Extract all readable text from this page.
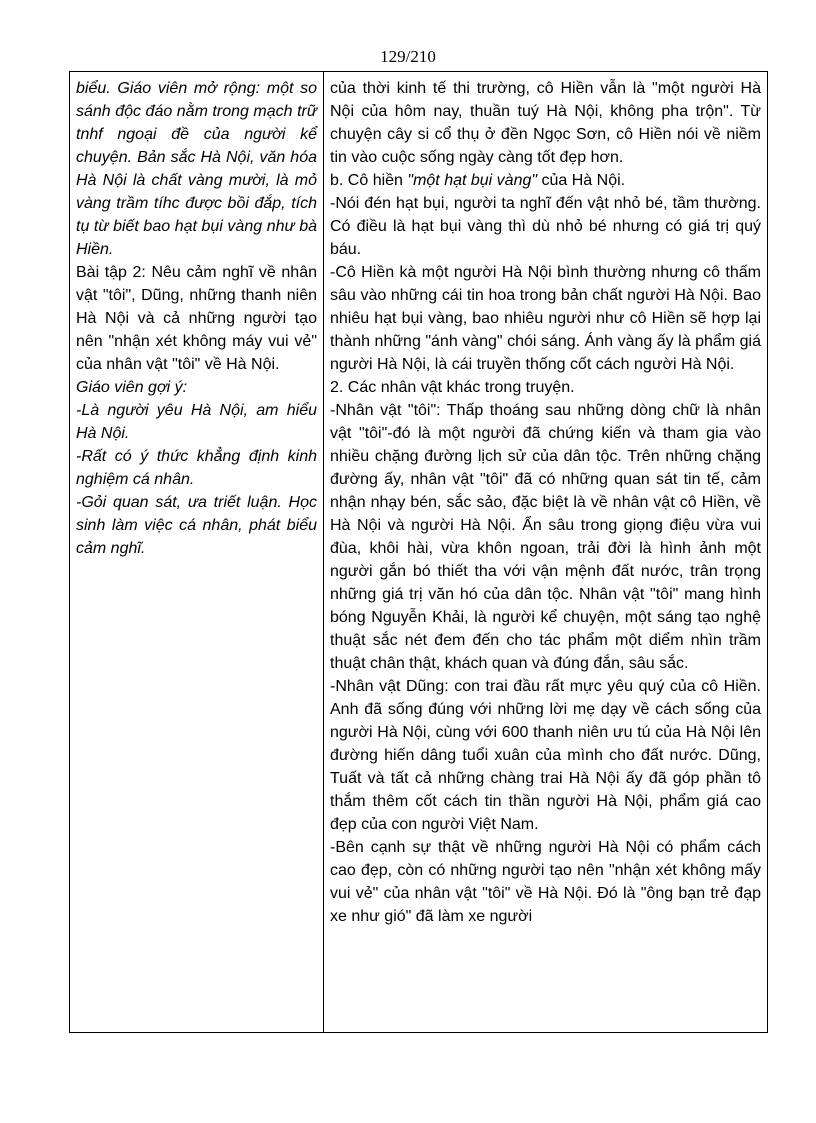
129/210

biểu. Giáo viên mở rộng: một so sánh độc đáo nằm trong mạch trữ tnhf ngoại đề của người kể chuyện. Bản sắc Hà Nội, văn hóa Hà Nội là chất vàng mười, là mỏ vàng trầm tíhc được bồi đắp, tích tụ từ biết bao hạt bụi vàng như bà Hiền.

Bài tập 2: Nêu cảm nghĩ về nhân vật "tôi", Dũng, những thanh niên Hà Nội và cả những người tạo nên "nhận xét không máy vui vẻ" của nhân vật "tôi" về Hà Nội.

Giáo viên gợi ý:

-Là người yêu Hà Nội, am hiểu Hà Nội.

-Rất có ý thức khẳng định kinh nghiệm cá nhân.

-Gỏi quan sát, ưa triết luận. Học sinh làm việc cá nhân, phát biểu cảm nghĩ.

của thời kinh tế thi trường, cô Hiền vẫn là "một người Hà Nội của hôm nay, thuần tuý Hà Nội, không pha trộn". Từ chuyện cây si cổ thụ ở đền Ngọc Sơn, cô Hiền nói về niềm tin vào cuộc sống ngày càng tốt đẹp hơn.

b. Cô hiền "một hạt bụi vàng" của Hà Nội.

-Nói đén hạt bụi, người ta nghĩ đến vật nhỏ bé, tầm thường. Có điều là hạt bụi vàng thì dù nhỏ bé nhưng có giá trị quý báu.

-Cô Hiền kà một người Hà Nội bình thường nhưng cô thấm sâu vào những cái tin hoa trong bản chất người Hà Nội. Bao nhiêu hạt bụi vàng, bao nhiêu người như cô Hiền sẽ hợp lại thành những "ánh vàng" chói sáng. Ánh vàng ấy là phẩm giá người Hà Nội, là cái truyền thống cốt cách người Hà Nội.

2. Các nhân vật khác trong truyện.

-Nhân vật "tôi": Thấp thoáng sau những dòng chữ là nhân vật "tôi"-đó là một người đã chứng kiến và tham gia vào nhiều chặng đường lịch sử của dân tộc. Trên những chặng đường ấy, nhân vật "tôi" đã có những quan sát tin tế, cảm nhận nhạy bén, sắc sảo, đặc biệt là về nhân vật cô Hiền, về Hà Nội và người Hà Nội. Ẩn sâu trong giọng điệu vừa vui đùa, khôi hài, vừa khôn ngoan, trải đời là hình ảnh một người gắn bó thiết tha với vận mệnh đất nước, trân trọng những giá trị văn hó của dân tộc. Nhân vật "tôi" mang hình bóng Nguyễn Khải, là người kể chuyện, một sáng tạo nghệ thuật sắc nét đem đến cho tác phẩm một diểm nhìn trầm thuật chân thật, khách quan và đúng đắn, sâu sắc.

-Nhân vật Dũng: con trai đầu rất mực yêu quý của cô Hiền. Anh đã sống đúng với những lời mẹ dạy về cách sống của người Hà Nội, cùng với 600 thanh niên ưu tú của Hà Nội lên đường hiến dâng tuổi xuân của mình cho đất nước. Dũng, Tuất và tất cả những chàng trai Hà Nội ấy đã góp phần tô thắm thêm cốt cách tin thần người Hà Nội, phẩm giá cao đẹp của con người Việt Nam.

-Bên cạnh sự thật về những người Hà Nội có phẩm cách cao đẹp, còn có những người tạo nên "nhận xét không mấy vui vẻ" của nhân vật "tôi" về Hà Nội. Đó là "ông bạn trẻ đạp xe như gió" đã làm xe người
